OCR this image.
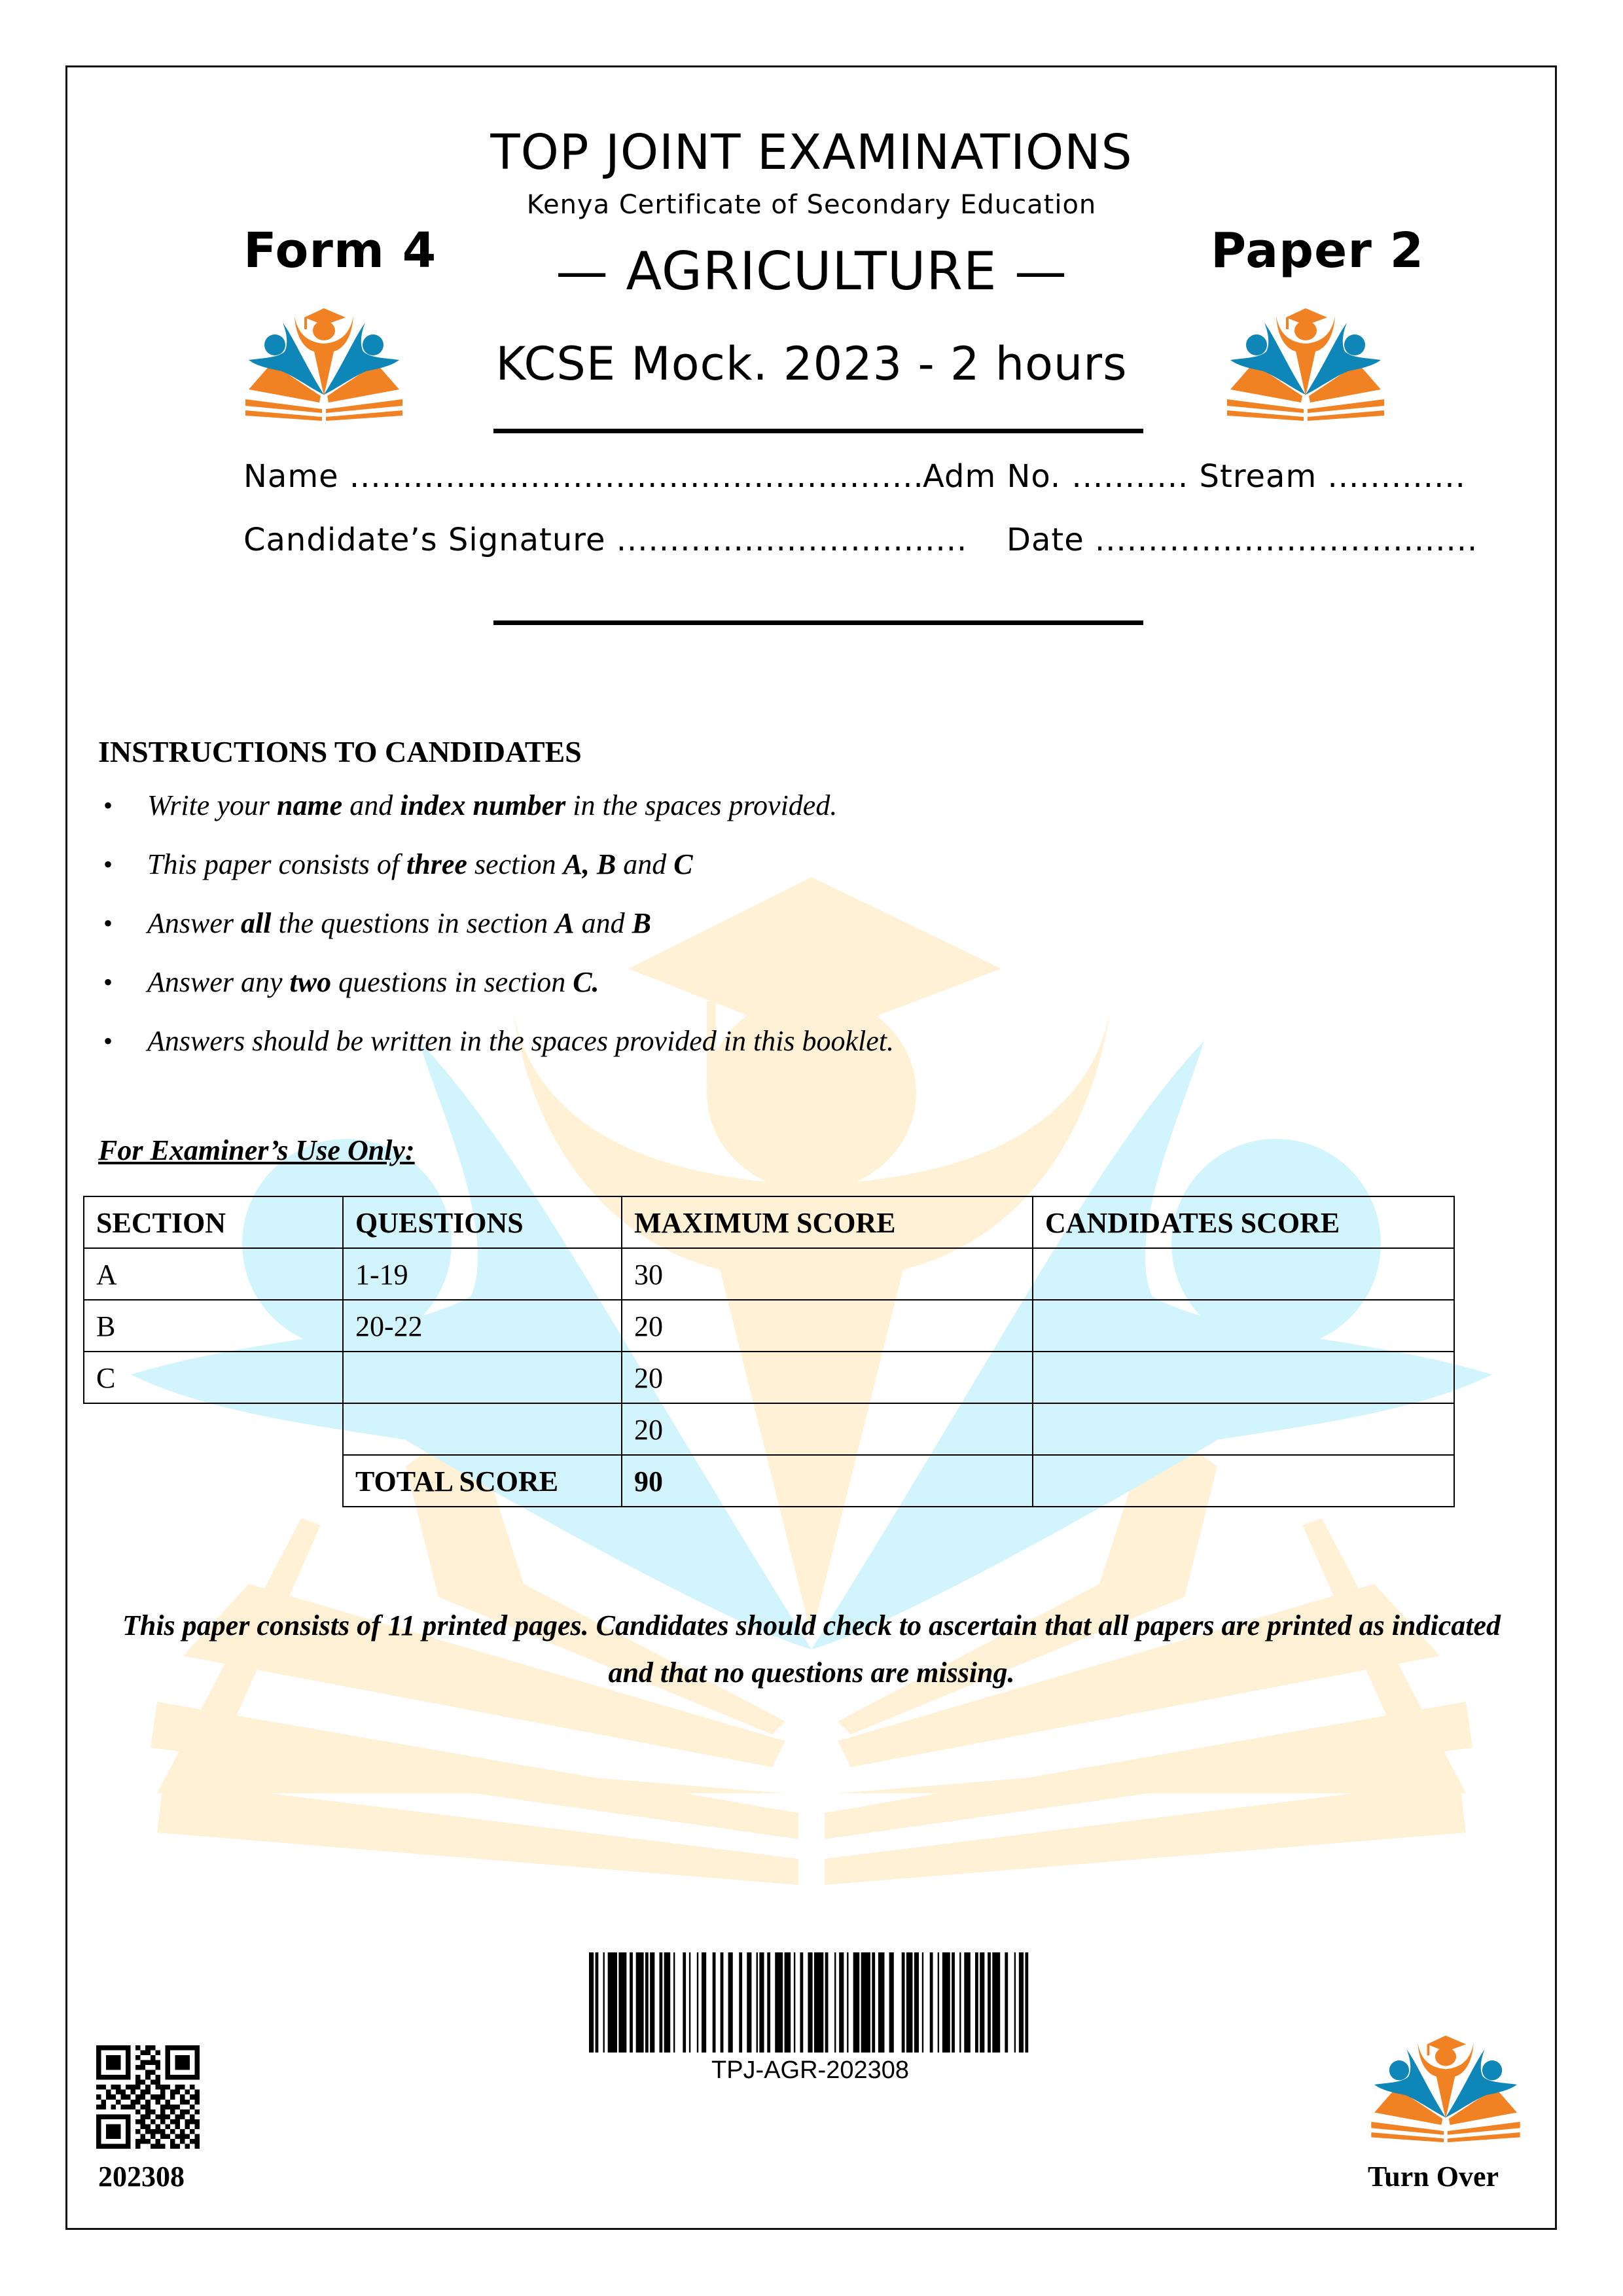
TOP JOINT EXAMINATIONS
Kenya Certificate of Secondary Education
Form 4	— AGRICULTURE —	Paper 2
KCSE Mock. 2023 - 2 hours
Name ......................................................
Adm No. ........... Stream .............
Candidate’s Signature ................................. Date ....................................
INSTRUCTIONS TO CANDIDATES
• Write your name and index number in the spaces provided.
• This paper consists of three section A, B and C
• Answer all the questions in section A and B
• Answer any two questions in section C.
• Answers should be written in the spaces provided in this booklet.
For Examiner’s Use Only:
SECTION	QUESTIONS	MAXIMUM SCORE	CANDIDATES SCORE
A	1-19	30	
B	20-22	20	
C		20	
		20	
	TOTAL SCORE	90	
This paper consists of 11 printed pages. Candidates should check to ascertain that all papers are printed as indicated and that no questions are missing.
TPJ-AGR-202308
202308	Turn Over
